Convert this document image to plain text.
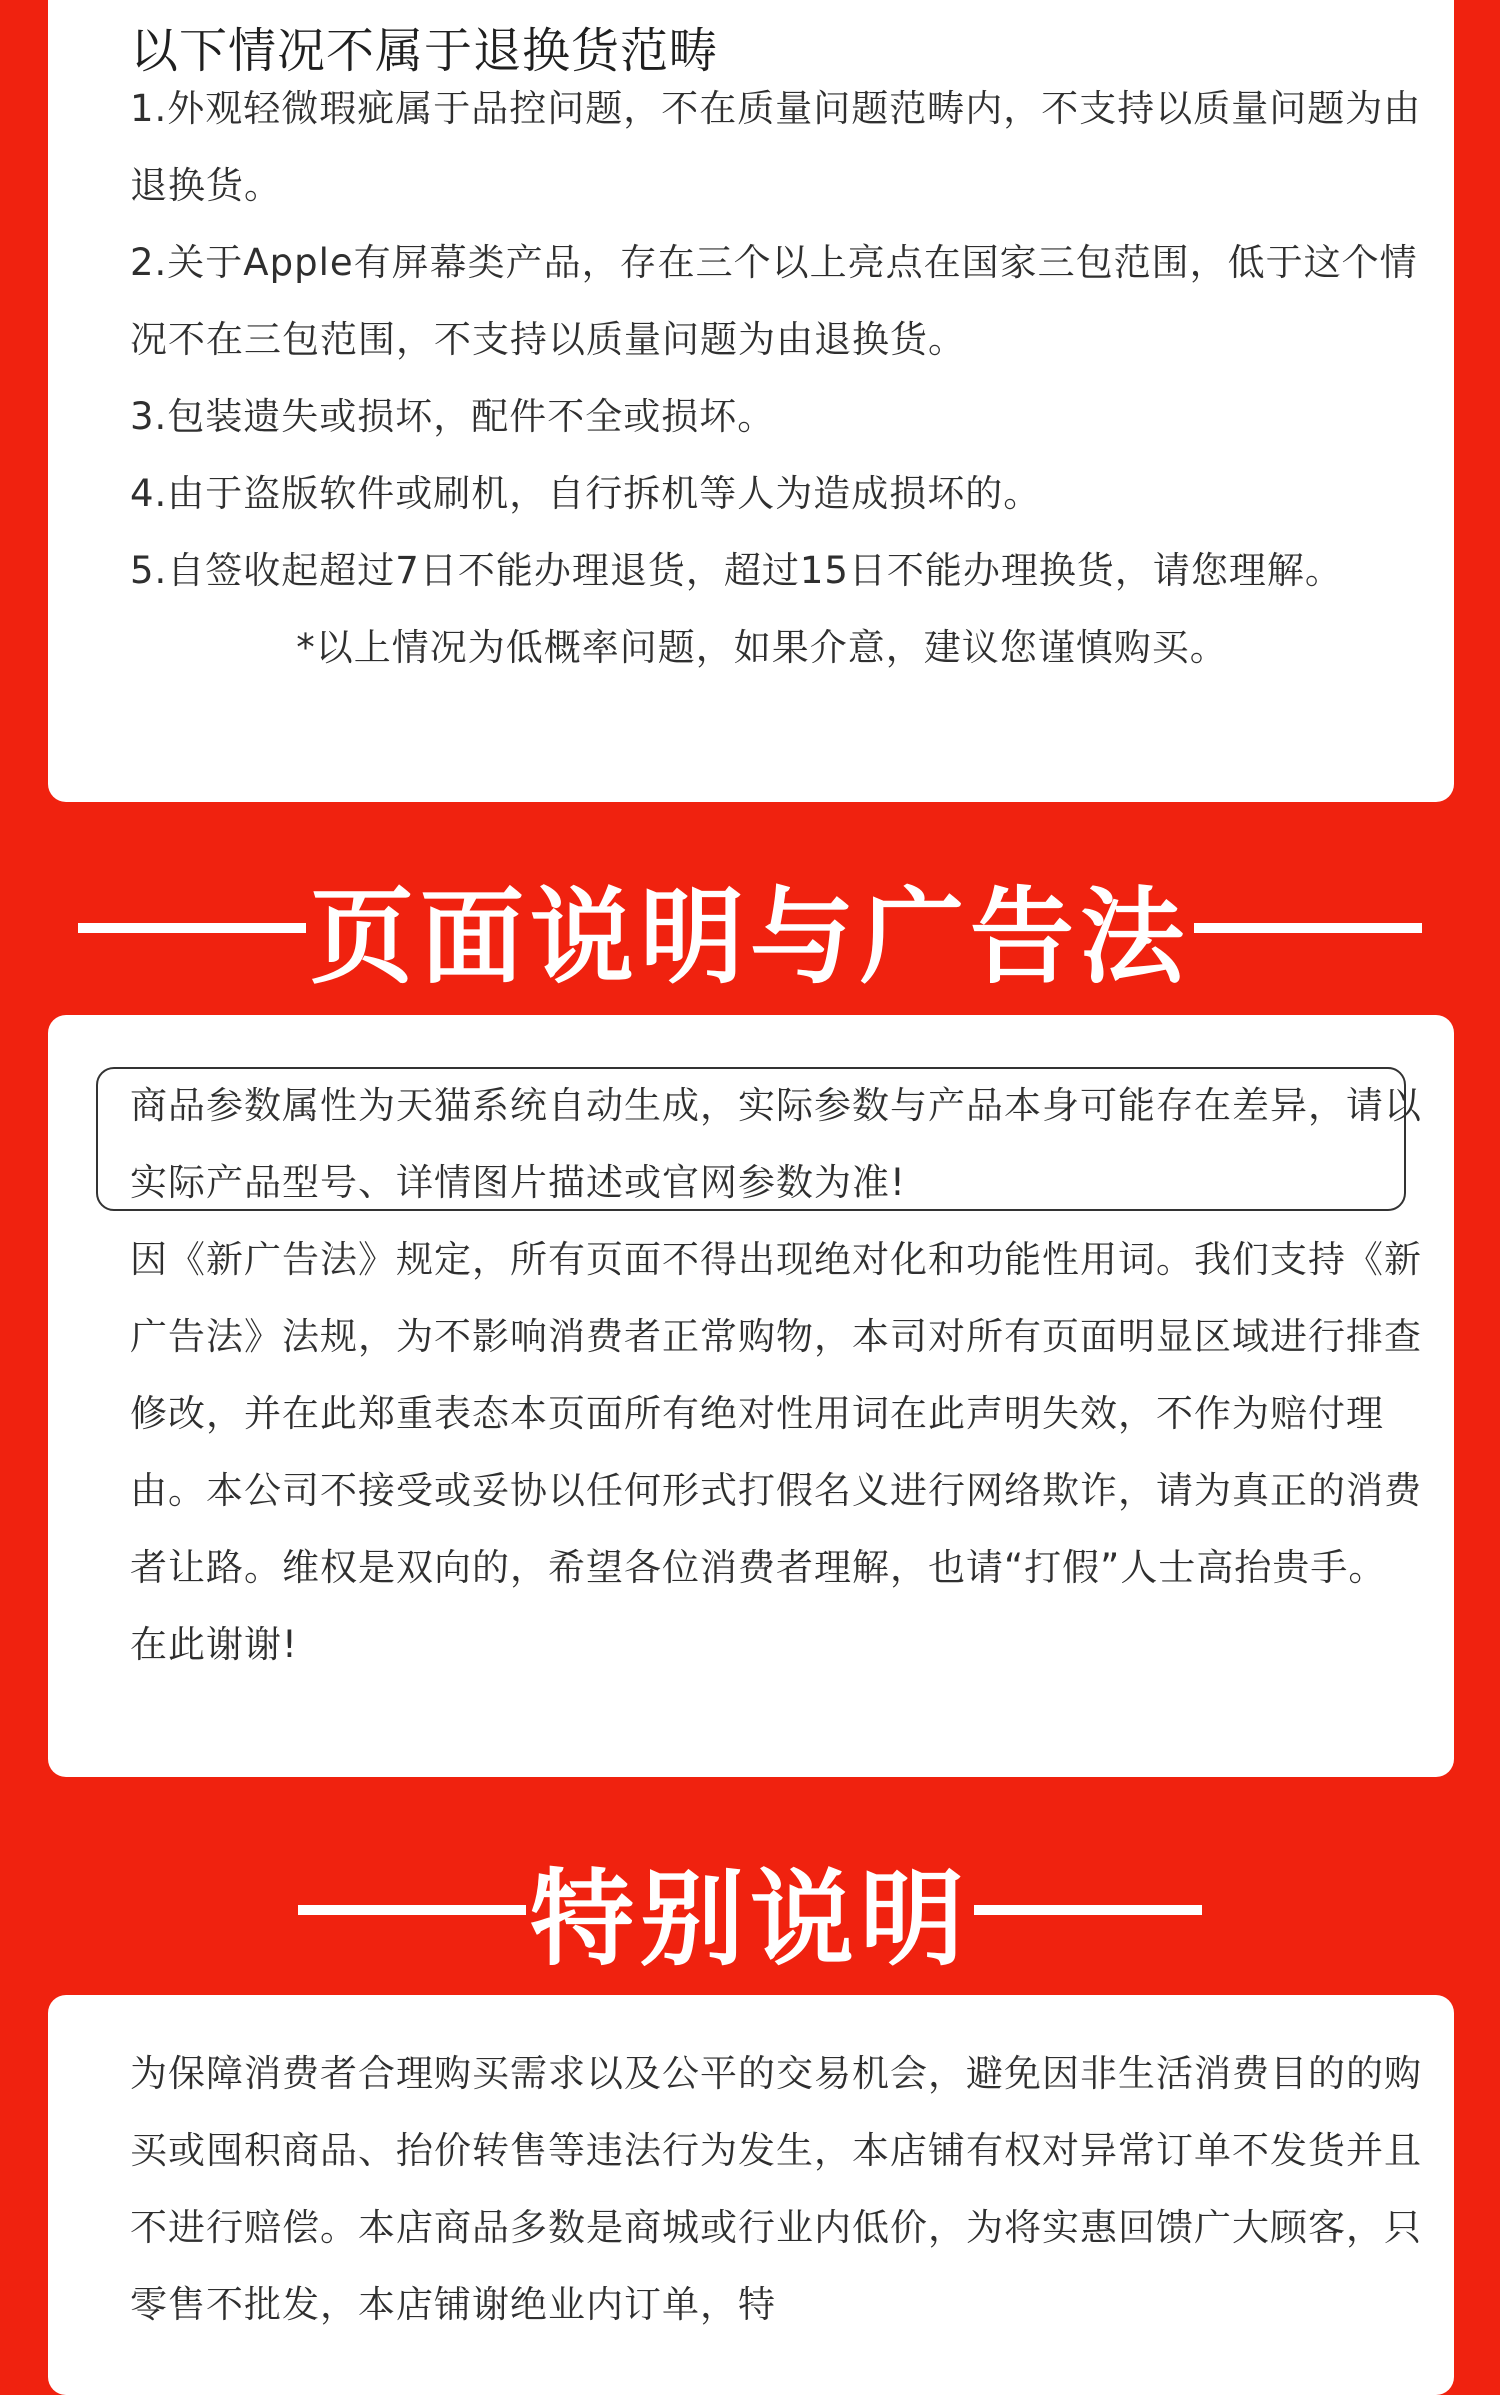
以下情况不属于退换货范畴

1.外观轻微瑕疵属于品控问题，不在质量问题范畴内，不支持以质量问题为由退换货。

2.关于Apple有屏幕类产品，存在三个以上亮点在国家三包范围，低于这个情况不在三包范围，不支持以质量问题为由退换货。

3.包装遗失或损坏，配件不全或损坏。

4.由于盗版软件或刷机，自行拆机等人为造成损坏的。

5.自签收起超过7日不能办理退货，超过15日不能办理换货，请您理解。

*以上情况为低概率问题，如果介意，建议您谨慎购买。

页面说明与广告法
商品参数属性为天猫系统自动生成，实际参数与产品本身可能存在差异，请以实际产品型号、详情图片描述或官网参数为准!

因《新广告法》规定，所有页面不得出现绝对化和功能性用词。我们支持《新广告法》法规，为不影响消费者正常购物，本司对所有页面明显区域进行排查修改，并在此郑重表态本页面所有绝对性用词在此声明失效，不作为赔付理由。本公司不接受或妥协以任何形式打假名义进行网络欺诈，请为真正的消费者让路。维权是双向的，希望各位消费者理解，也请“打假”人士高抬贵手。

在此谢谢!

特别说明
为保障消费者合理购买需求以及公平的交易机会，避免因非生活消费目的的购买或囤积商品、抬价转售等违法行为发生，本店铺有权对异常订单不发货并且不进行赔偿。本店商品多数是商城或行业内低价，为将实惠回馈广大顾客，只零售不批发，本店铺谢绝业内订单，特
